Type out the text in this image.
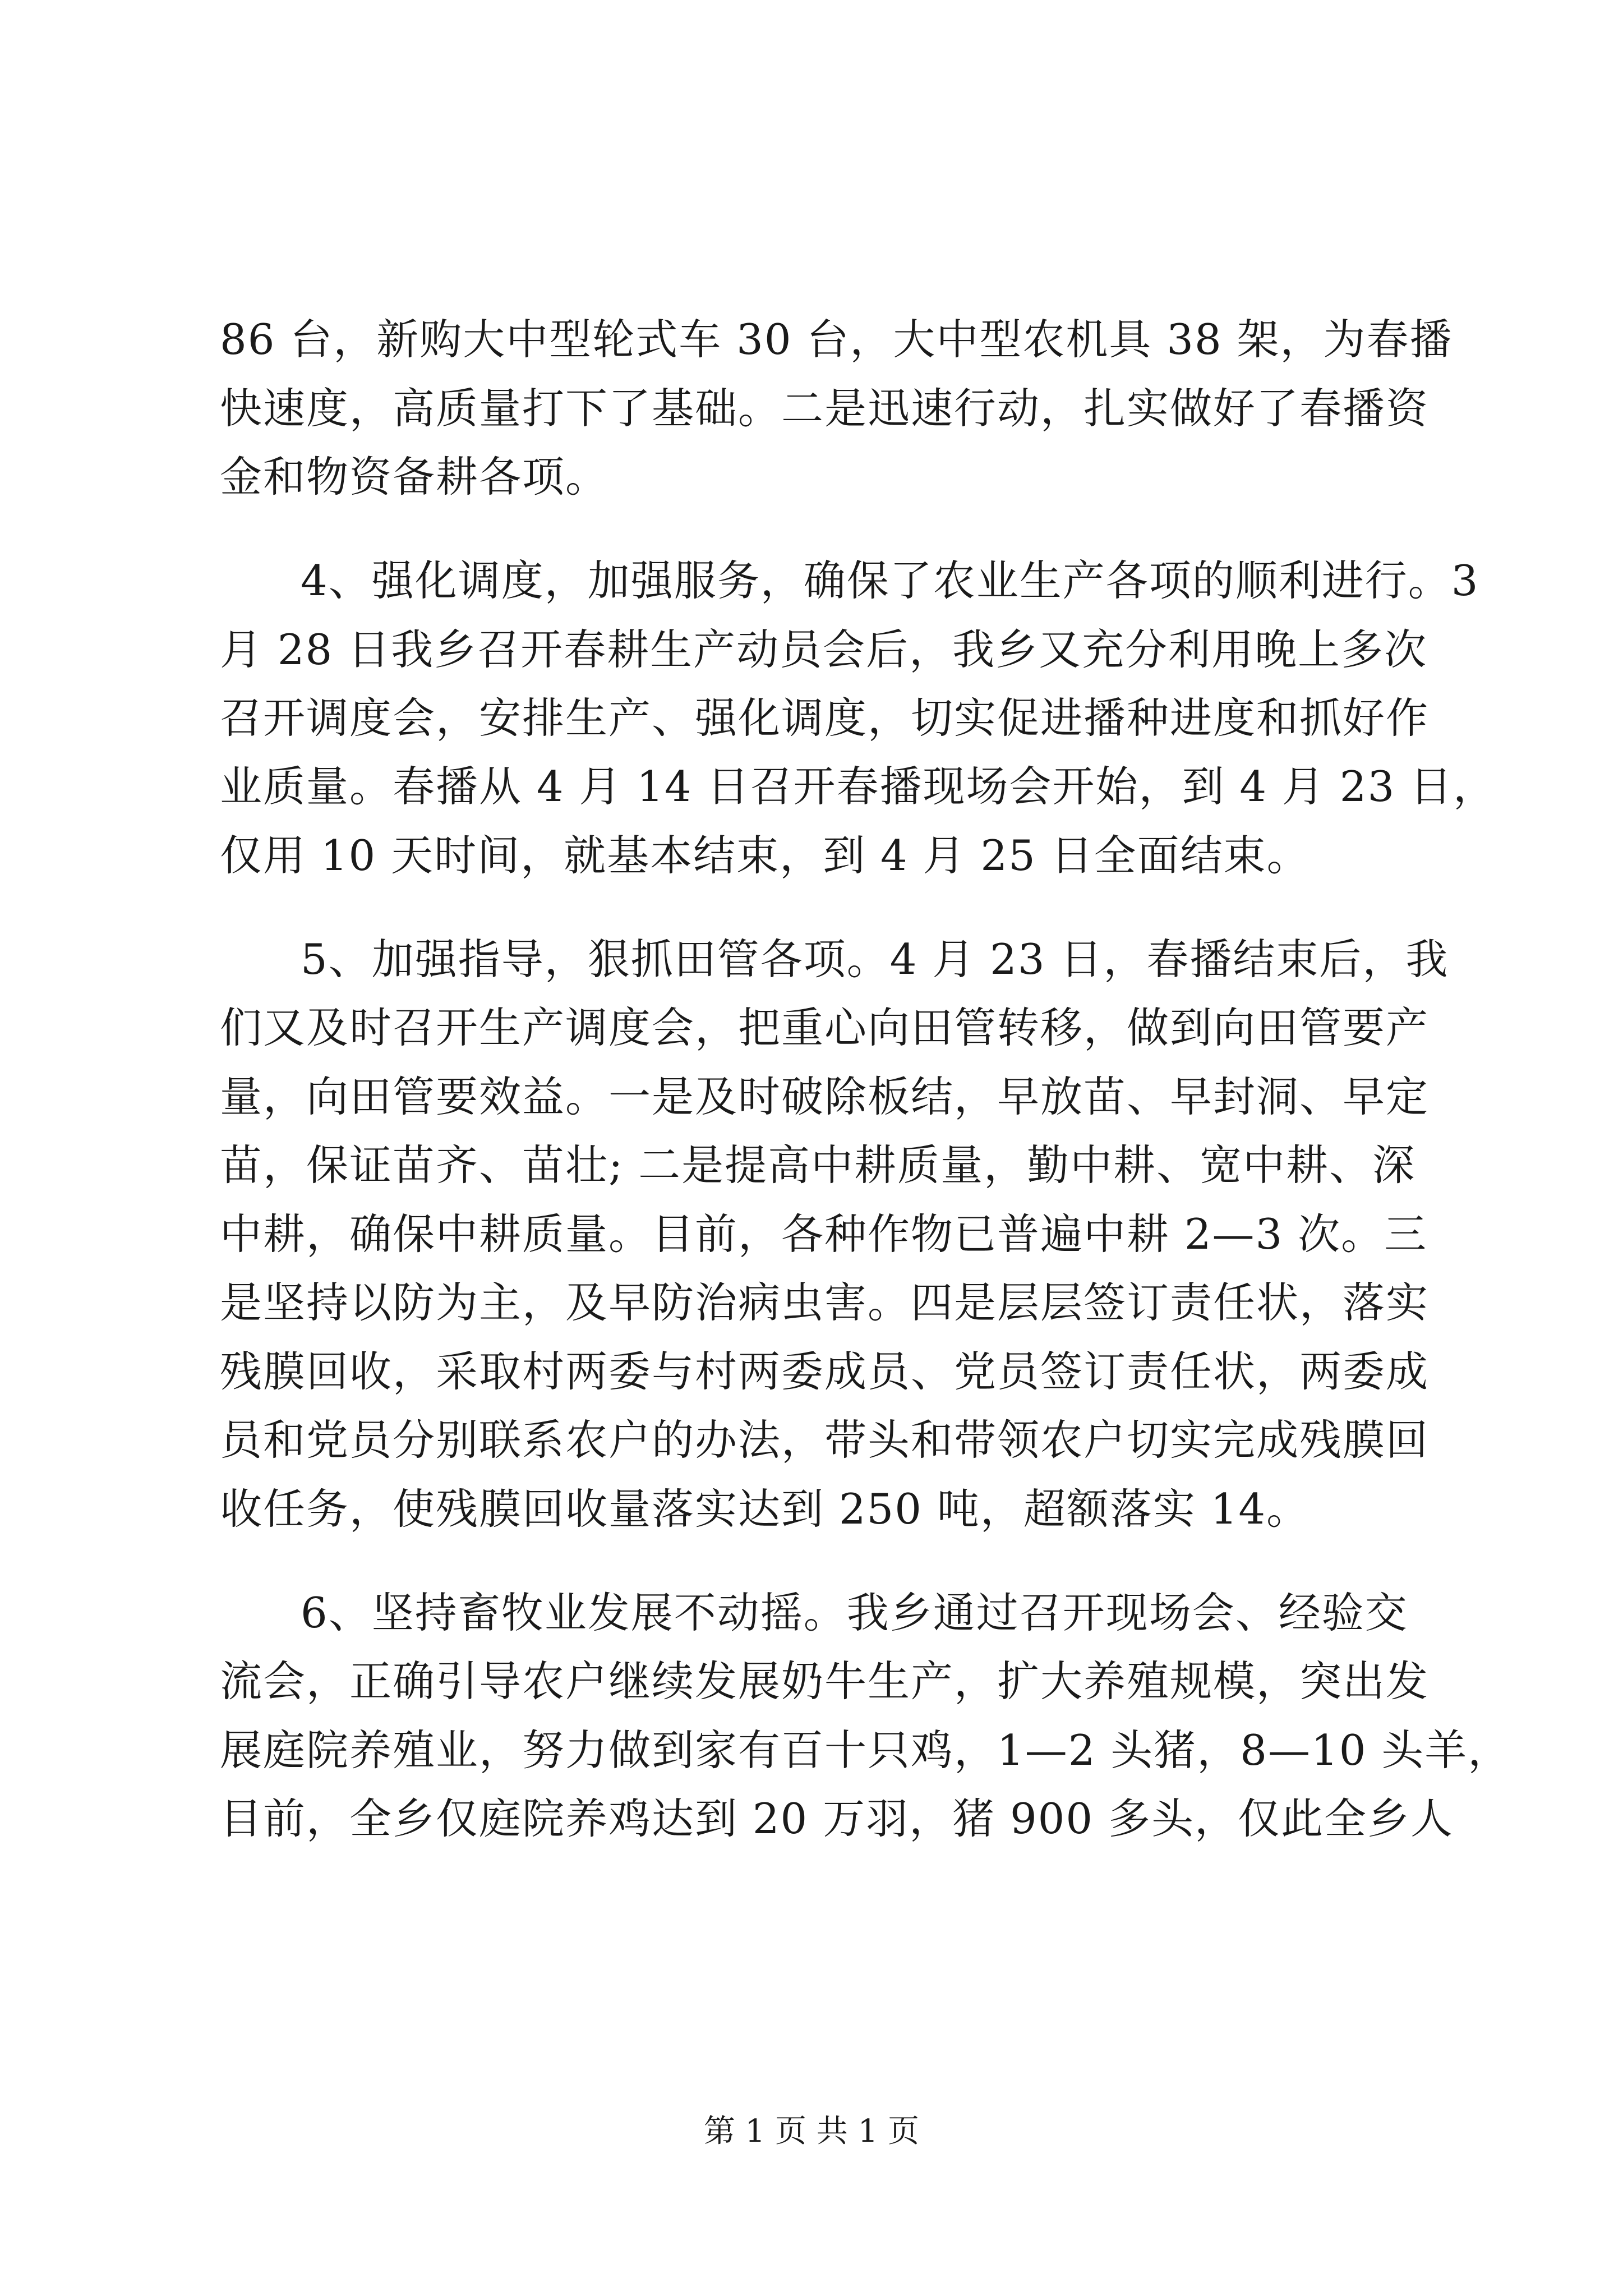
86 台，新购大中型轮式车 30 台，大中型农机具 38 架，为春播
快速度，高质量打下了基础。二是迅速行动，扎实做好了春播资
金和物资备耕各项。
4、强化调度，加强服务，确保了农业生产各项的顺利进行。3
月 28 日我乡召开春耕生产动员会后，我乡又充分利用晚上多次
召开调度会，安排生产、强化调度，切实促进播种进度和抓好作
业质量。春播从 4 月 14 日召开春播现场会开始，到 4 月 23 日，
仅用 10 天时间，就基本结束，到 4 月 25 日全面结束。
5、加强指导，狠抓田管各项。4 月 23 日，春播结束后，我
们又及时召开生产调度会，把重心向田管转移，做到向田管要产
量，向田管要效益。一是及时破除板结，早放苗、早封洞、早定
苗，保证苗齐、苗壮; 二是提高中耕质量，勤中耕、宽中耕、深
中耕，确保中耕质量。目前，各种作物已普遍中耕 2—3 次。三
是坚持以防为主，及早防治病虫害。四是层层签订责任状，落实
残膜回收，采取村两委与村两委成员、党员签订责任状，两委成
员和党员分别联系农户的办法，带头和带领农户切实完成残膜回
收任务，使残膜回收量落实达到 250 吨，超额落实 14。
6、坚持畜牧业发展不动摇。我乡通过召开现场会、经验交
流会，正确引导农户继续发展奶牛生产，扩大养殖规模，突出发
展庭院养殖业，努力做到家有百十只鸡，1—2 头猪，8—10 头羊，
目前，全乡仅庭院养鸡达到 20 万羽，猪 900 多头，仅此全乡人
第 1 页 共 1 页
